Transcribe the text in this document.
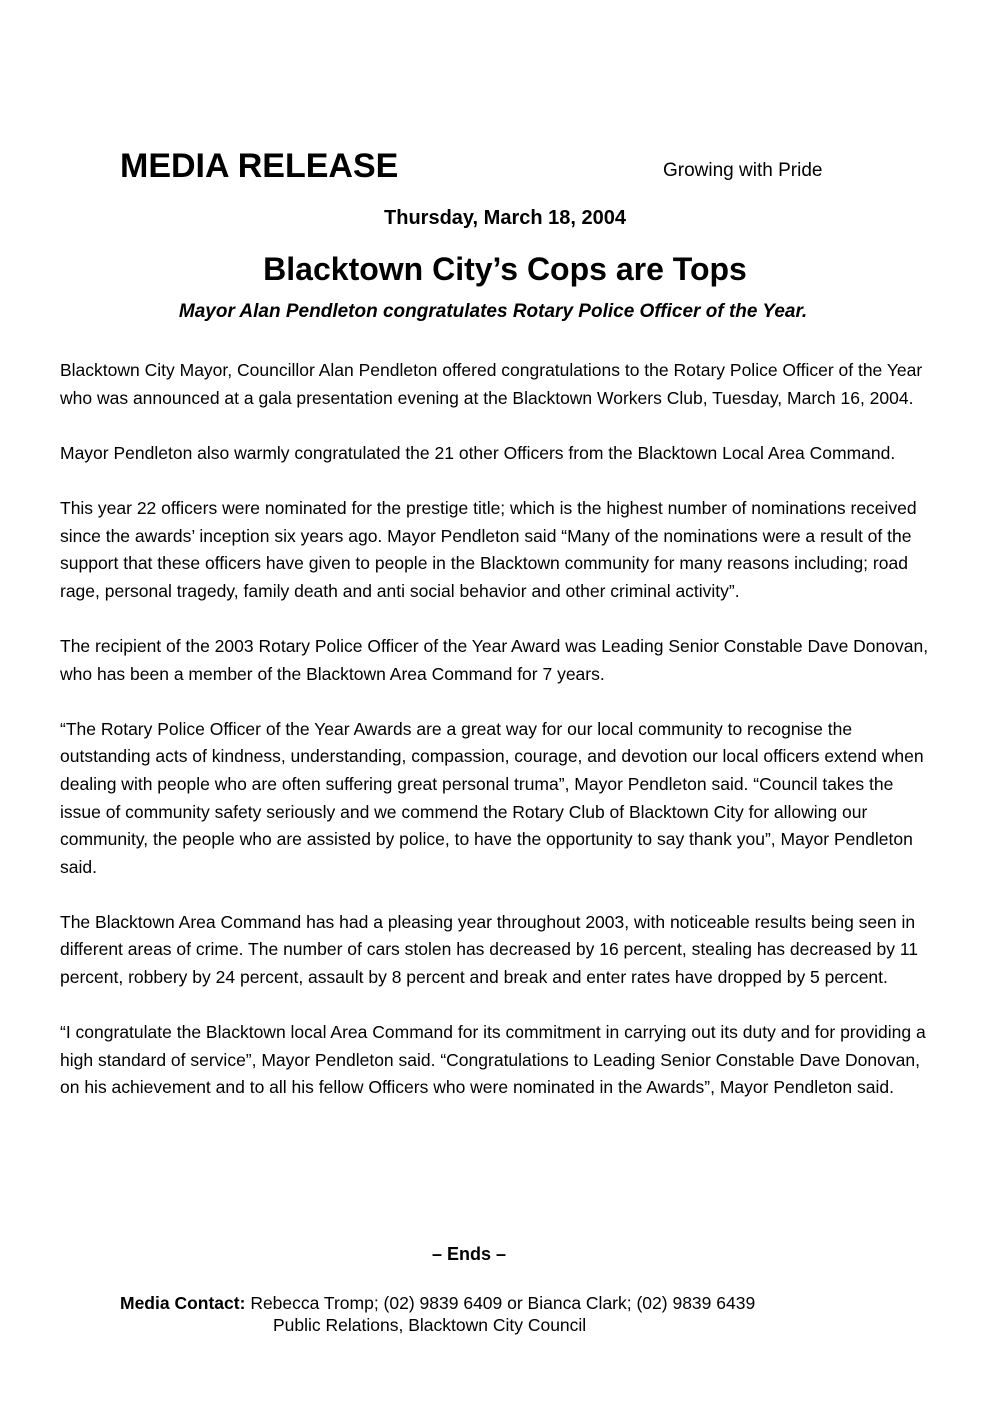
MEDIA RELEASE	Growing with Pride
Thursday, March 18, 2004
Blacktown City’s Cops are Tops
Mayor Alan Pendleton congratulates Rotary Police Officer of the Year.

Blacktown City Mayor, Councillor Alan Pendleton offered congratulations to the Rotary Police Officer of the Year who was announced at a gala presentation evening at the Blacktown Workers Club, Tuesday, March 16, 2004.

Mayor Pendleton also warmly congratulated the 21 other Officers from the Blacktown Local Area Command.

This year 22 officers were nominated for the prestige title; which is the highest number of nominations received since the awards’ inception six years ago. Mayor Pendleton said “Many of the nominations were a result of the support that these officers have given to people in the Blacktown community for many reasons including; road rage, personal tragedy, family death and anti social behavior and other criminal activity”.

The recipient of the 2003 Rotary Police Officer of the Year Award was Leading Senior Constable Dave Donovan, who has been a member of the Blacktown Area Command for 7 years.

“The Rotary Police Officer of the Year Awards are a great way for our local community to recognise the outstanding acts of kindness, understanding, compassion, courage, and devotion our local officers extend when dealing with people who are often suffering great personal truma”, Mayor Pendleton said. “Council takes the issue of community safety seriously and we commend the Rotary Club of Blacktown City for allowing our community, the people who are assisted by police, to have the opportunity to say thank you”, Mayor Pendleton said.

The Blacktown Area Command has had a pleasing year throughout 2003, with noticeable results being seen in different areas of crime. The number of cars stolen has decreased by 16 percent, stealing has decreased by 11 percent, robbery by 24 percent, assault by 8 percent and break and enter rates have dropped by 5 percent.

“I congratulate the Blacktown local Area Command for its commitment in carrying out its duty and for providing a high standard of service”, Mayor Pendleton said. “Congratulations to Leading Senior Constable Dave Donovan, on his achievement and to all his fellow Officers who were nominated in the Awards”, Mayor Pendleton said.

– Ends –
Media Contact: Rebecca Tromp; (02) 9839 6409 or Bianca Clark; (02) 9839 6439
Public Relations, Blacktown City Council
